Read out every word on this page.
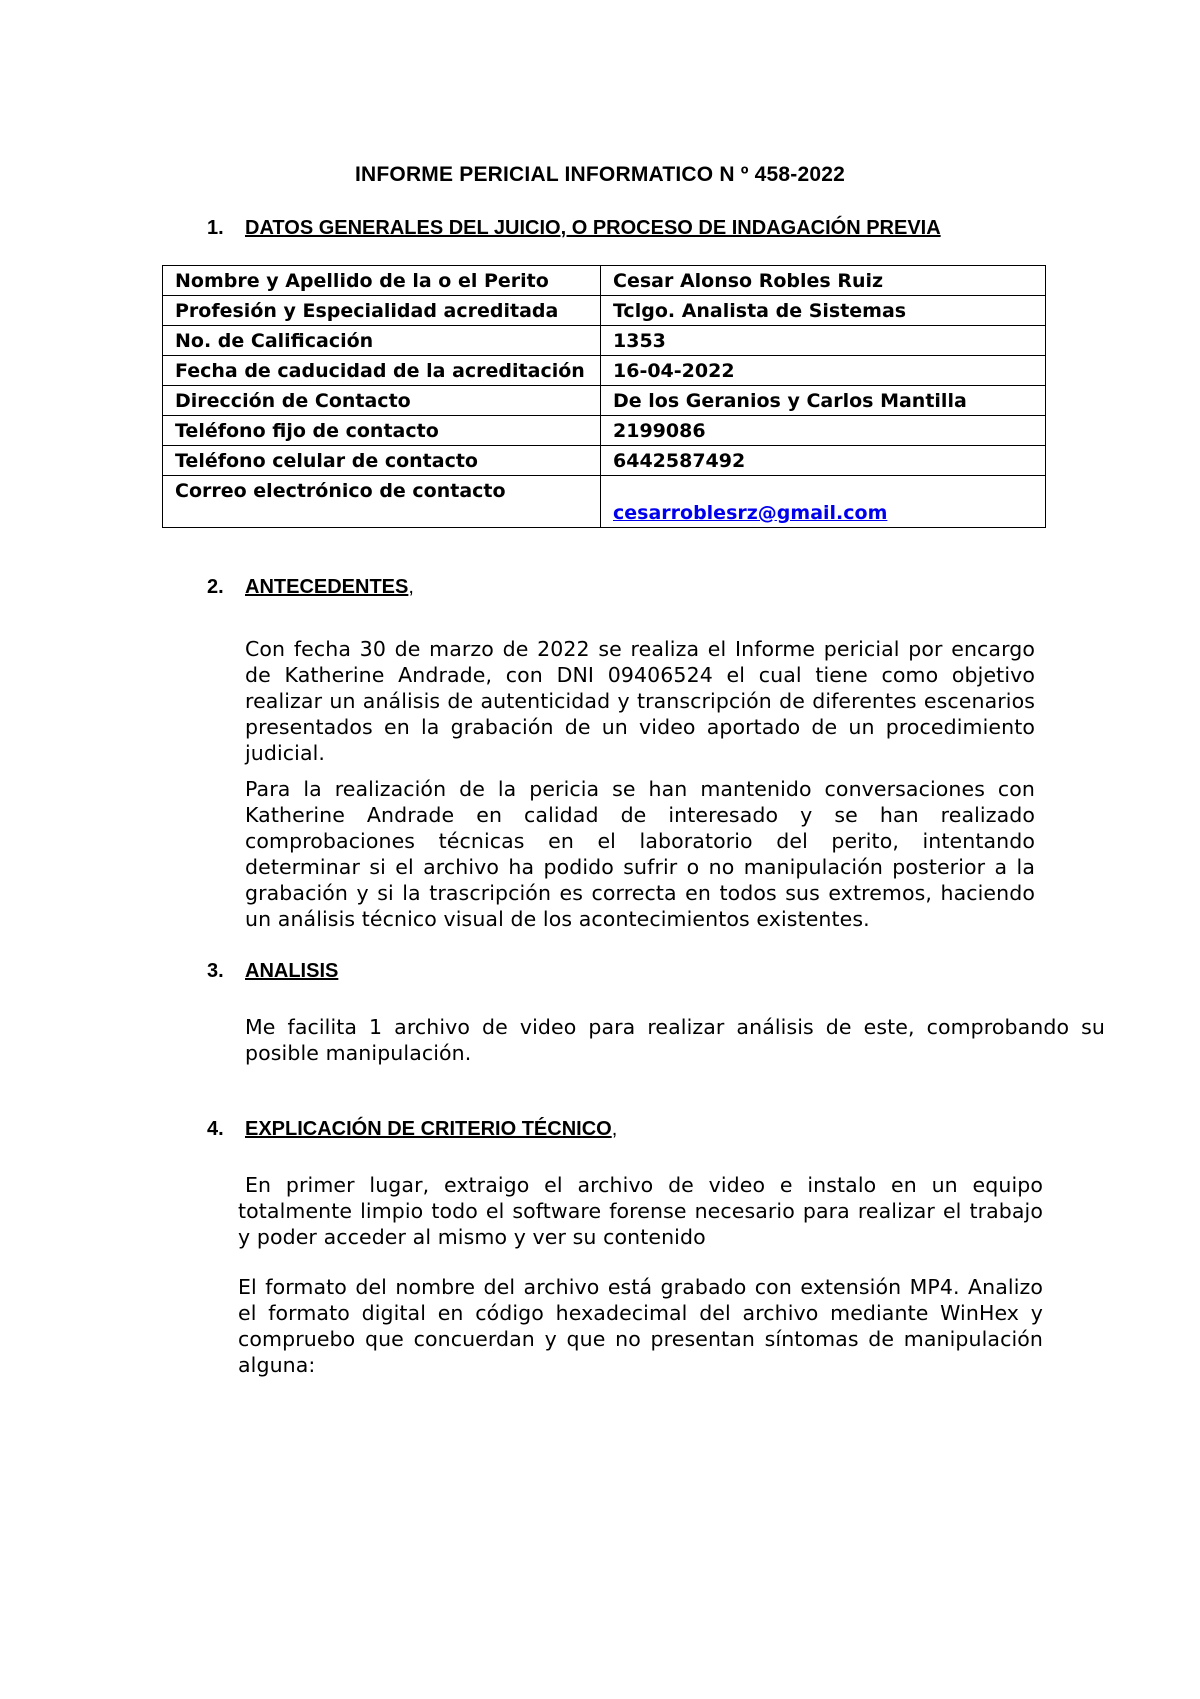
INFORME PERICIAL INFORMATICO N º 458-2022
1. DATOS GENERALES DEL JUICIO, O PROCESO DE INDAGACIÓN PREVIA
Nombre y Apellido de la o el Perito	Cesar Alonso Robles Ruiz
Profesión y Especialidad acreditada	Tclgo. Analista de Sistemas
No. de Calificación	1353
Fecha de caducidad de la acreditación	16-04-2022
Dirección de Contacto	De los Geranios y Carlos Mantilla
Teléfono fijo de contacto	2199086
Teléfono celular de contacto	6442587492
Correo electrónico de contacto	cesarroblesrz@gmail.com
2. ANTECEDENTES,
Con fecha 30 de marzo de 2022 se realiza el Informe pericial por encargo de Katherine Andrade, con DNI 09406524 el cual tiene como objetivo realizar un análisis de autenticidad y transcripción de diferentes escenarios presentados en la grabación de un video aportado de un procedimiento judicial.
Para la realización de la pericia se han mantenido conversaciones con Katherine Andrade en calidad de interesado y se han realizado comprobaciones técnicas en el laboratorio del perito, intentando determinar si el archivo ha podido sufrir o no manipulación posterior a la grabación y si la trascripción es correcta en todos sus extremos, haciendo un análisis técnico visual de los acontecimientos existentes.
3. ANALISIS
Me facilita 1 archivo de video para realizar análisis de este, comprobando su posible manipulación.
4. EXPLICACIÓN DE CRITERIO TÉCNICO,
En primer lugar, extraigo el archivo de video e instalo en un equipo totalmente limpio todo el software forense necesario para realizar el trabajo y poder acceder al mismo y ver su contenido
El formato del nombre del archivo está grabado con extensión MP4. Analizo el formato digital en código hexadecimal del archivo mediante WinHex y compruebo que concuerdan y que no presentan síntomas de manipulación alguna:
